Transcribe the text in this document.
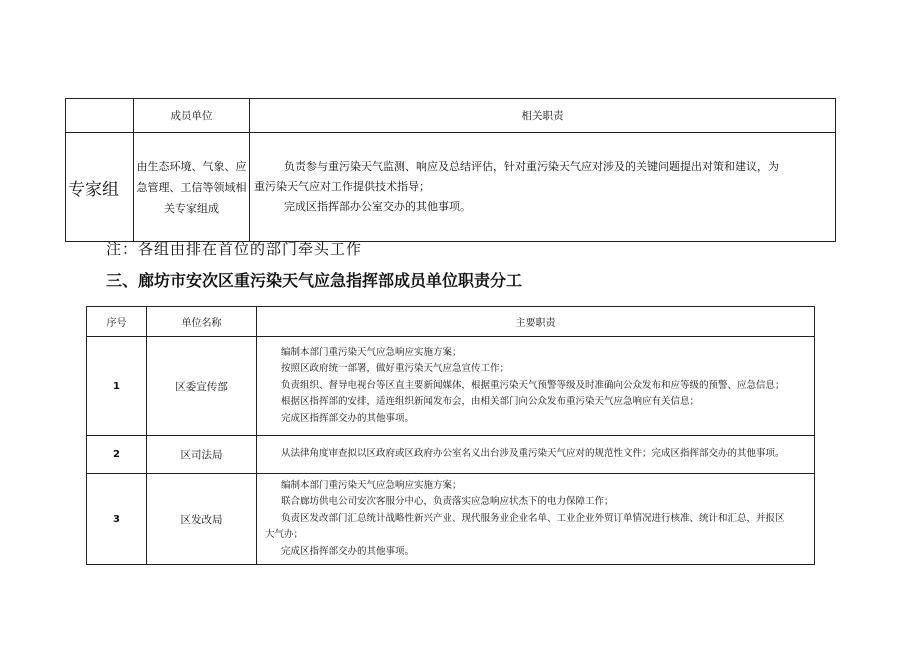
	成员单位	相关职责
专家组	由生态环境、气象、应急管理、工信等领域相关专家组成	负责参与重污染天气监测、响应及总结评估，针对重污染天气应对涉及的关键问题提出对策和建议，为

重污染天气应对工作提供技术指导；

完成区指挥部办公室交办的其他事项。

注：各组由排在首位的部门牵头工作
三、廊坊市安次区重污染天气应急指挥部成员单位职责分工
序号	单位名称	主要职责
1	区委宣传部	编制本部门重污染天气应急响应实施方案；

按照区政府统一部署，做好重污染天气应急宣传工作；

负责组织、督导电视台等区直主要新闻媒体，根据重污染天气预警等级及时准确向公众发布和应等级的预警、应急信息；

根据区指挥部的安排，适连组织新闻发布会，由相关部门向公众发布重污染天气应急响应有关信息；

完成区指挥部交办的其他事项。

2	区司法局	从法律角度审查拟以区政府或区政府办公室名义出台涉及重污染天气应对的规范性文件；完成区指挥部交办的其他事项。

3	区发改局	编制本部门重污染天气应急响应实施方案；

联合廊坊供电公司安次客服分中心，负责落实应急响应状杰下的电力保障工作；

负责区发改部门汇总统计战略性新兴产业、现代服务业企业名单、工业企业外贸订单情况进行核准、统计和汇总，并报区

大气办；

完成区指挥部交办的其他事项。
